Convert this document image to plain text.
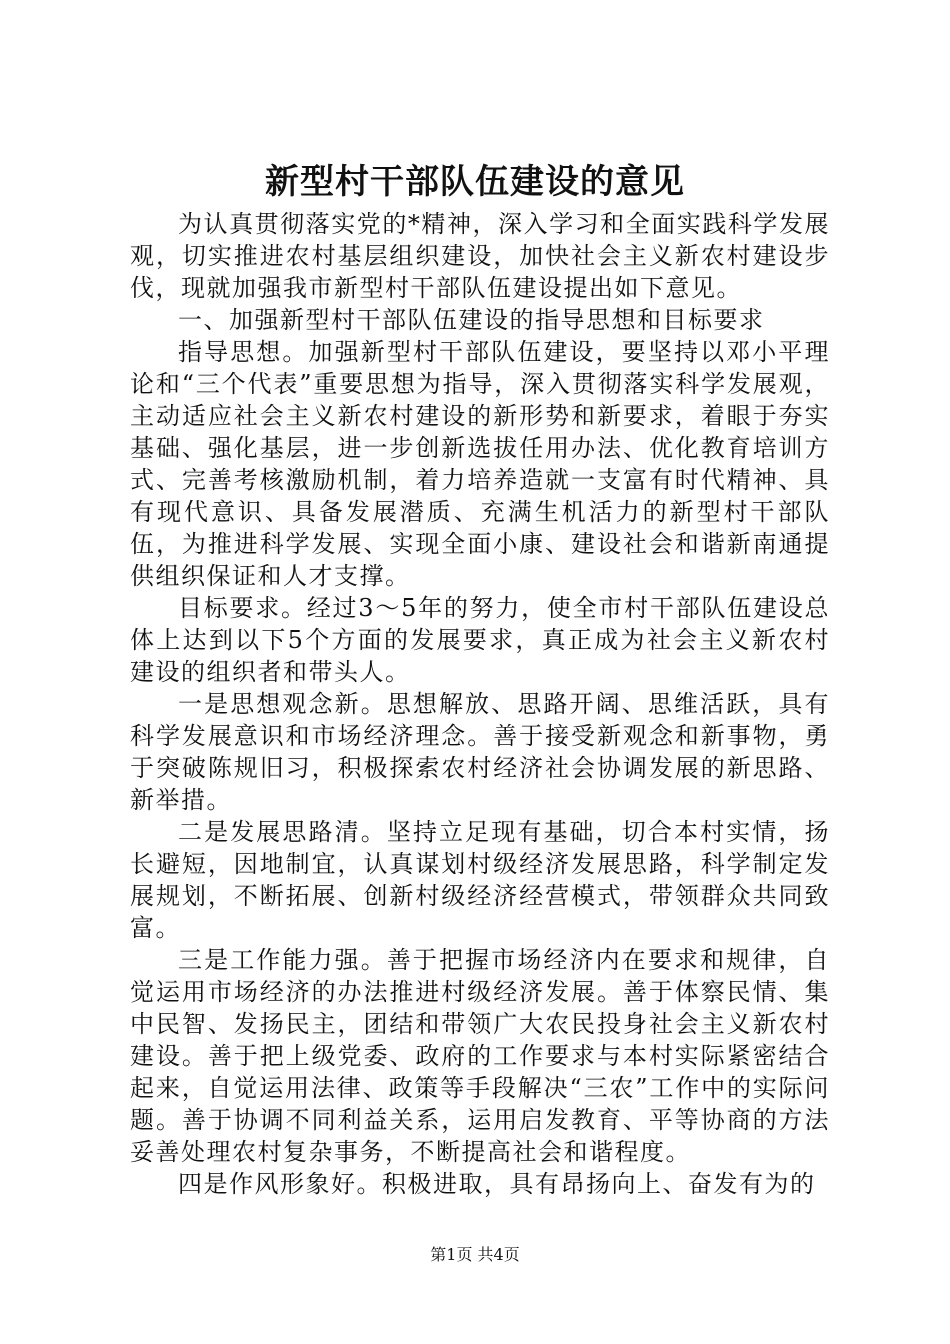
新型村干部队伍建设的意见

为认真贯彻落实党的*精神，深入学习和全面实践科学发展观，切实推进农村基层组织建设，加快社会主义新农村建设步伐，现就加强我市新型村干部队伍建设提出如下意见。

一、加强新型村干部队伍建设的指导思想和目标要求

指导思想。加强新型村干部队伍建设，要坚持以邓小平理论和“三个代表”重要思想为指导，深入贯彻落实科学发展观，主动适应社会主义新农村建设的新形势和新要求，着眼于夯实基础、强化基层，进一步创新选拔任用办法、优化教育培训方式、完善考核激励机制，着力培养造就一支富有时代精神、具有现代意识、具备发展潜质、充满生机活力的新型村干部队伍，为推进科学发展、实现全面小康、建设社会和谐新南通提供组织保证和人才支撑。

目标要求。经过3～5年的努力，使全市村干部队伍建设总体上达到以下5个方面的发展要求，真正成为社会主义新农村建设的组织者和带头人。

一是思想观念新。思想解放、思路开阔、思维活跃，具有科学发展意识和市场经济理念。善于接受新观念和新事物，勇于突破陈规旧习，积极探索农村经济社会协调发展的新思路、新举措。

二是发展思路清。坚持立足现有基础，切合本村实情，扬长避短，因地制宜，认真谋划村级经济发展思路，科学制定发展规划，不断拓展、创新村级经济经营模式，带领群众共同致富。

三是工作能力强。善于把握市场经济内在要求和规律，自觉运用市场经济的办法推进村级经济发展。善于体察民情、集中民智、发扬民主，团结和带领广大农民投身社会主义新农村建设。善于把上级党委、政府的工作要求与本村实际紧密结合起来，自觉运用法律、政策等手段解决“三农”工作中的实际问题。善于协调不同利益关系，运用启发教育、平等协商的方法妥善处理农村复杂事务，不断提高社会和谐程度。

四是作风形象好。积极进取，具有昂扬向上、奋发有为的

第1页 共4页
